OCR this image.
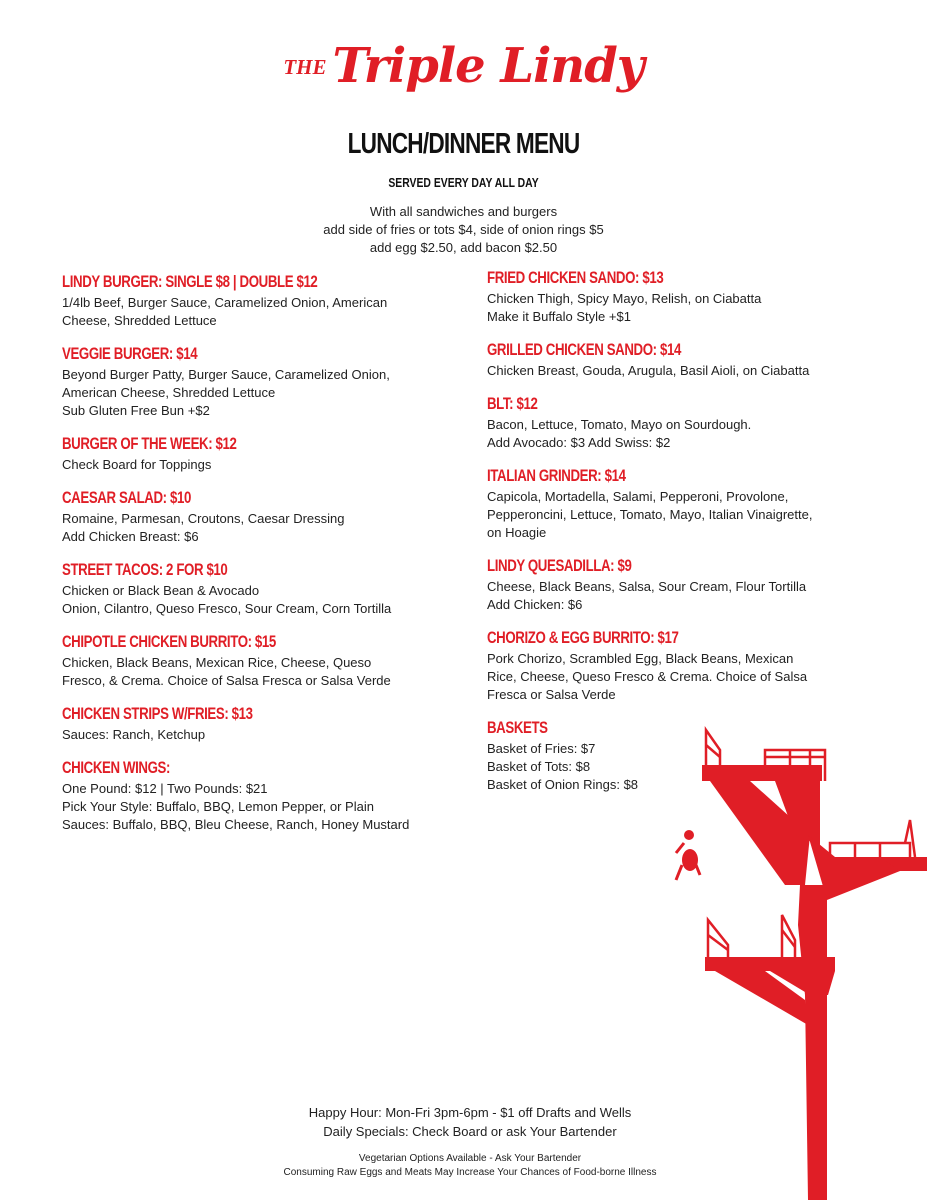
THE Triple Lindy
LUNCH/DINNER MENU
SERVED EVERY DAY ALL DAY
With all sandwiches and burgers
add side of fries or tots $4, side of onion rings $5
add egg $2.50, add bacon $2.50
LINDY BURGER: SINGLE $8 | DOUBLE $12
1/4lb Beef, Burger Sauce, Caramelized Onion, American
Cheese, Shredded Lettuce
VEGGIE BURGER: $14
Beyond Burger Patty, Burger Sauce, Caramelized Onion,
American Cheese, Shredded Lettuce
Sub Gluten Free Bun +$2
BURGER OF THE WEEK: $12
Check Board for Toppings
CAESAR SALAD: $10
Romaine, Parmesan, Croutons, Caesar Dressing
Add Chicken Breast: $6
STREET TACOS: 2 FOR $10
Chicken or Black Bean & Avocado
Onion, Cilantro, Queso Fresco, Sour Cream, Corn Tortilla
CHIPOTLE CHICKEN BURRITO: $15
Chicken, Black Beans, Mexican Rice, Cheese, Queso
Fresco, & Crema. Choice of Salsa Fresca or Salsa Verde
CHICKEN STRIPS W/FRIES: $13
Sauces: Ranch, Ketchup
CHICKEN WINGS:
One Pound: $12 | Two Pounds: $21
Pick Your Style: Buffalo, BBQ, Lemon Pepper, or Plain
Sauces: Buffalo, BBQ, Bleu Cheese, Ranch, Honey Mustard
FRIED CHICKEN SANDO: $13
Chicken Thigh, Spicy Mayo, Relish, on Ciabatta
Make it Buffalo Style +$1
GRILLED CHICKEN SANDO: $14
Chicken Breast, Gouda, Arugula, Basil Aioli, on Ciabatta
BLT: $12
Bacon, Lettuce, Tomato, Mayo on Sourdough.
Add Avocado: $3 Add Swiss: $2
ITALIAN GRINDER: $14
Capicola, Mortadella, Salami, Pepperoni, Provolone,
Pepperoncini, Lettuce, Tomato, Mayo, Italian Vinaigrette,
on Hoagie
LINDY QUESADILLA: $9
Cheese, Black Beans, Salsa, Sour Cream, Flour Tortilla
Add Chicken: $6
CHORIZO & EGG BURRITO: $17
Pork Chorizo, Scrambled Egg, Black Beans, Mexican
Rice, Cheese, Queso Fresco & Crema. Choice of Salsa
Fresca or Salsa Verde
BASKETS
Basket of Fries: $7
Basket of Tots: $8
Basket of Onion Rings: $8
Happy Hour: Mon-Fri 3pm-6pm - $1 off Drafts and Wells
Daily Specials: Check Board or ask Your Bartender
Vegetarian Options Available - Ask Your Bartender
Consuming Raw Eggs and Meats May Increase Your Chances of Food-borne Illness
